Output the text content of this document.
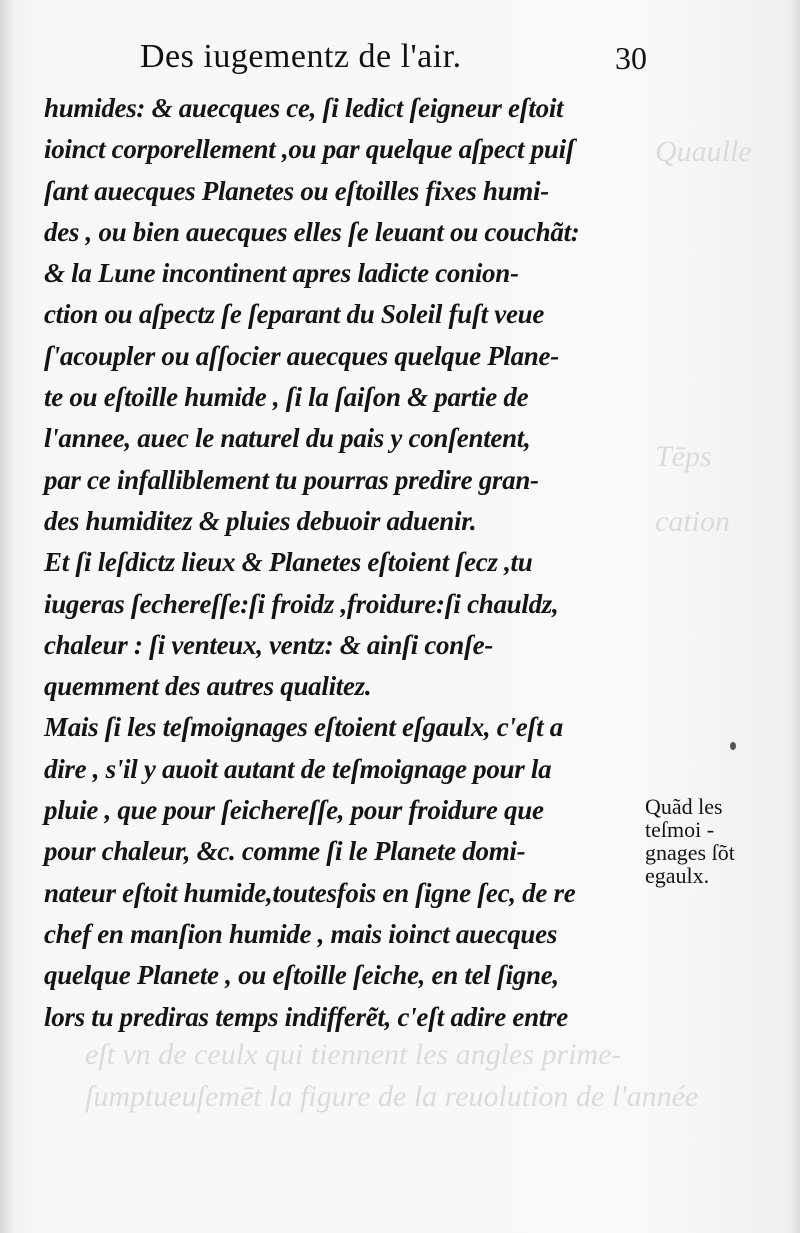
Quaulle
Tēps
cation
eſt vn de ceulx qui tiennent les angles prime-
ſumptueuſemēt la figure de la reuolution de l'année
Des iugementz de l'air.	30
humides: & auecques ce, ſi ledict ſeigneur eſtoit
ioinct corporellement ,ou par quelque aſpect puiſ
ſant auecques Planetes ou eſtoilles fixes humi-
des , ou bien auecques elles ſe leuant ou couchãt:
& la Lune incontinent apres ladicte conion-
ction ou aſpectz ſe ſeparant du Soleil fuſt veue
ſ'acoupler ou aſſocier auecques quelque Plane-
te ou eſtoille humide , ſi la ſaiſon & partie de
l'annee, auec le naturel du pais y conſentent,
par ce infalliblement tu pourras predire gran-
des humiditez & pluies debuoir aduenir.
Et ſi leſdictz lieux & Planetes eſtoient ſecz ,tu
iugeras ſechereſſe:ſi froidz ,froidure:ſi chauldz,
chaleur : ſi venteux, ventz: & ainſi conſe-
quemment des autres qualitez.
Mais ſi les teſmoignages eſtoient eſgaulx, c'eſt a
dire , s'il y auoit autant de teſmoignage pour la
pluie , que pour ſeichereſſe, pour froidure que
pour chaleur, &c. comme ſi le Planete domi-
nateur eſtoit humide,toutesfois en ſigne ſec, de re
chef en manſion humide , mais ioinct auecques
quelque Planete , ou eſtoille ſeiche, en tel ſigne,
lors tu prediras temps indifferẽt, c'eſt adire entre
Quãd les
teſmoi -
gnages ſõt
egaulx.
